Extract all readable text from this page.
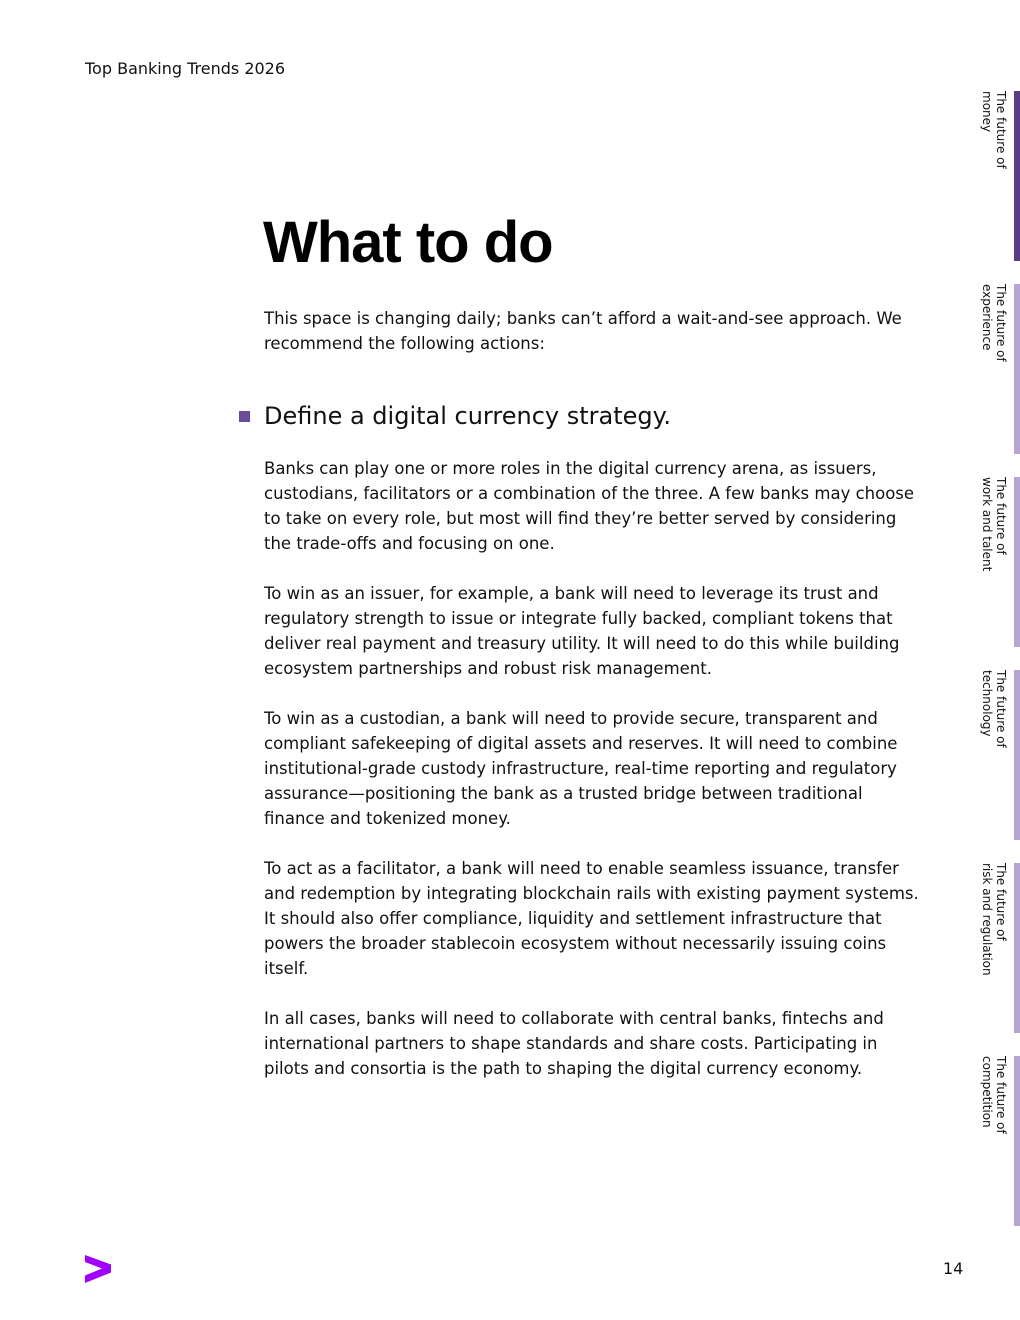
Top Banking Trends 2026
What to do

This space is changing daily; banks can’t afford a wait-and-see approach. We recommend the following actions:

Define a digital currency strategy.

Banks can play one or more roles in the digital currency arena, as issuers, custodians, facilitators or a combination of the three. A few banks may choose to take on every role, but most will find they’re better served by considering the trade-offs and focusing on one.

To win as an issuer, for example, a bank will need to leverage its trust and regulatory strength to issue or integrate fully backed, compliant tokens that deliver real payment and treasury utility. It will need to do this while building ecosystem partnerships and robust risk management.

To win as a custodian, a bank will need to provide secure, transparent and compliant safekeeping of digital assets and reserves. It will need to combine institutional-grade custody infrastructure, real-time reporting and regulatory assurance—positioning the bank as a trusted bridge between traditional finance and tokenized money.

To act as a facilitator, a bank will need to enable seamless issuance, transfer and redemption by integrating blockchain rails with existing payment systems. It should also offer compliance, liquidity and settlement infrastructure that powers the broader stablecoin ecosystem without necessarily issuing coins itself.

In all cases, banks will need to collaborate with central banks, fintechs and international partners to shape standards and share costs. Participating in pilots and consortia is the path to shaping the digital currency economy.

The future of
money
The future of
experience
The future of
work and talent
The future of
technology
The future of
risk and regulation
The future of
competition
14
